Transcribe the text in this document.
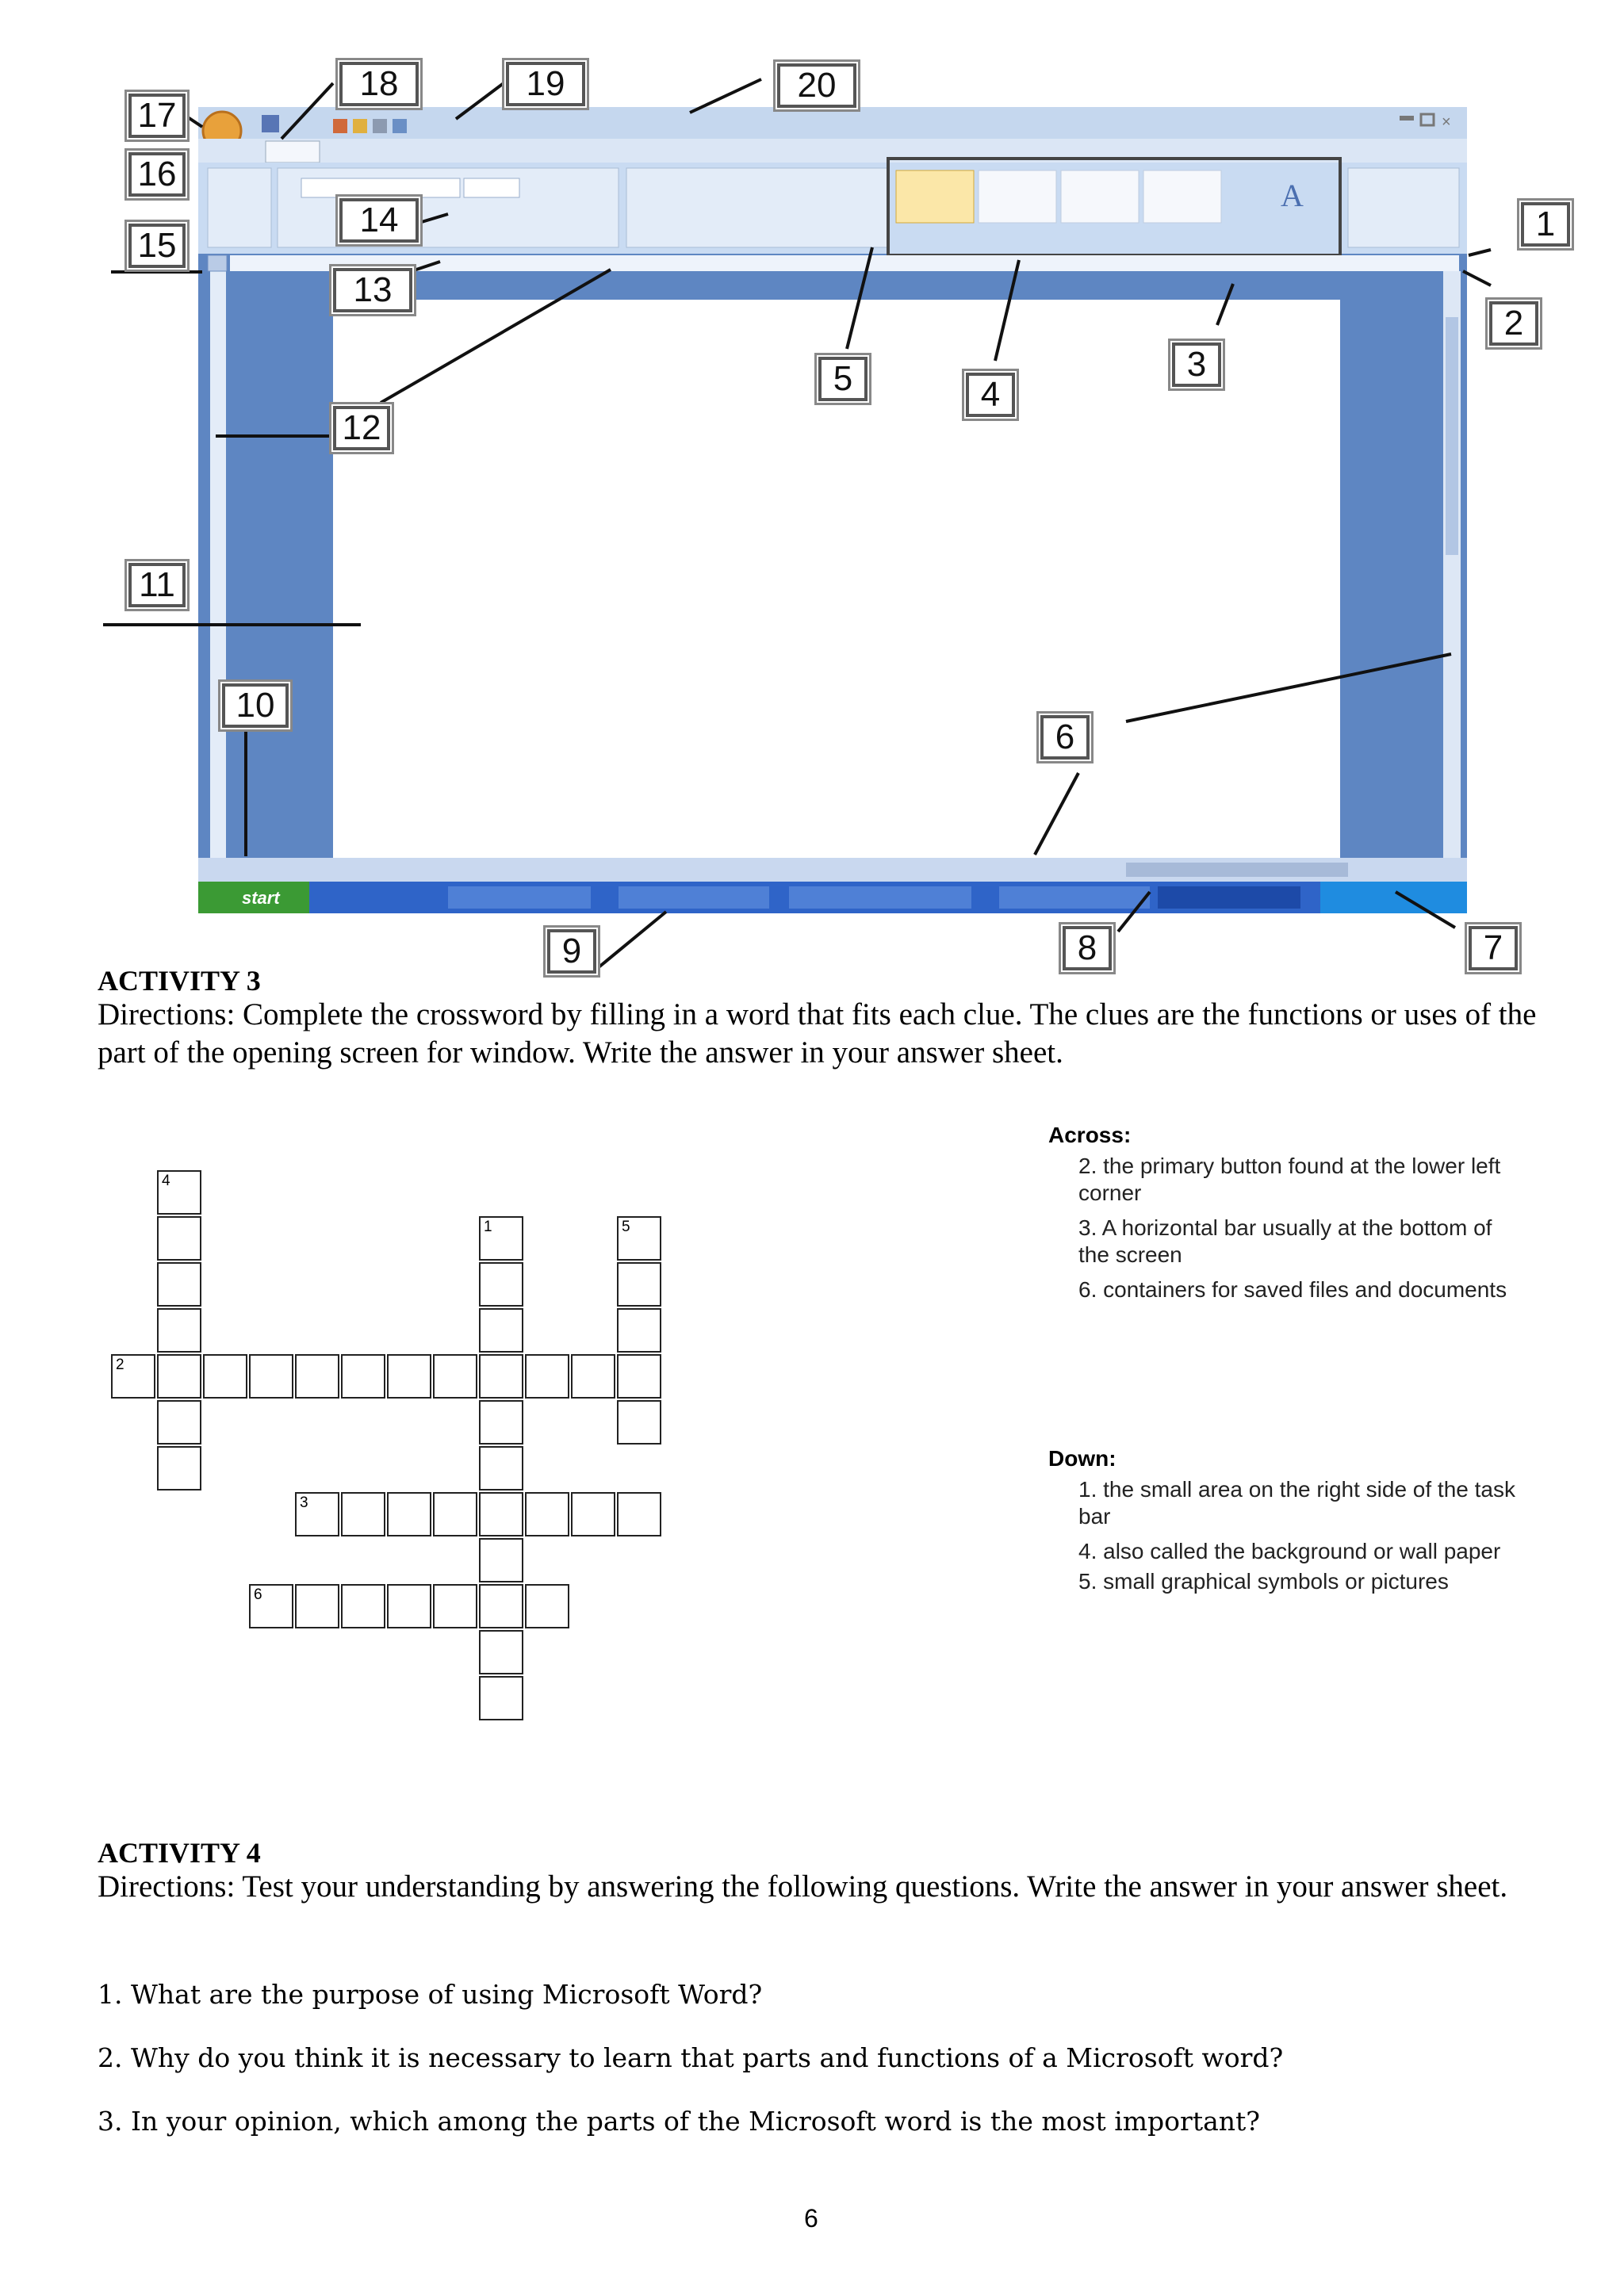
×
A
start
1
2
3
4
5
6
7
8
9
10
11
12
13
14
15
16
17
18	19	20
ACTIVITY 3
Directions: Complete the crossword by filling in a word that fits each clue. The clues are the functions or uses of the part of the opening screen for window. Write the answer in your answer sheet.
4
2
1	5
3
6
Across:
2. the primary button found at the lower left corner
3. A horizontal bar usually at the bottom of the screen
6. containers for saved files and documents
Down:
1. the small area on the right side of the task bar
4. also called the background or wall paper
5. small graphical symbols or pictures
ACTIVITY 4
Directions: Test your understanding by answering the following questions. Write the answer in your answer sheet.
1. What are the purpose of using Microsoft Word?
2. Why do you think it is necessary to learn that parts and functions of a Microsoft word?
3. In your opinion, which among the parts of the Microsoft word is the most important?
6
